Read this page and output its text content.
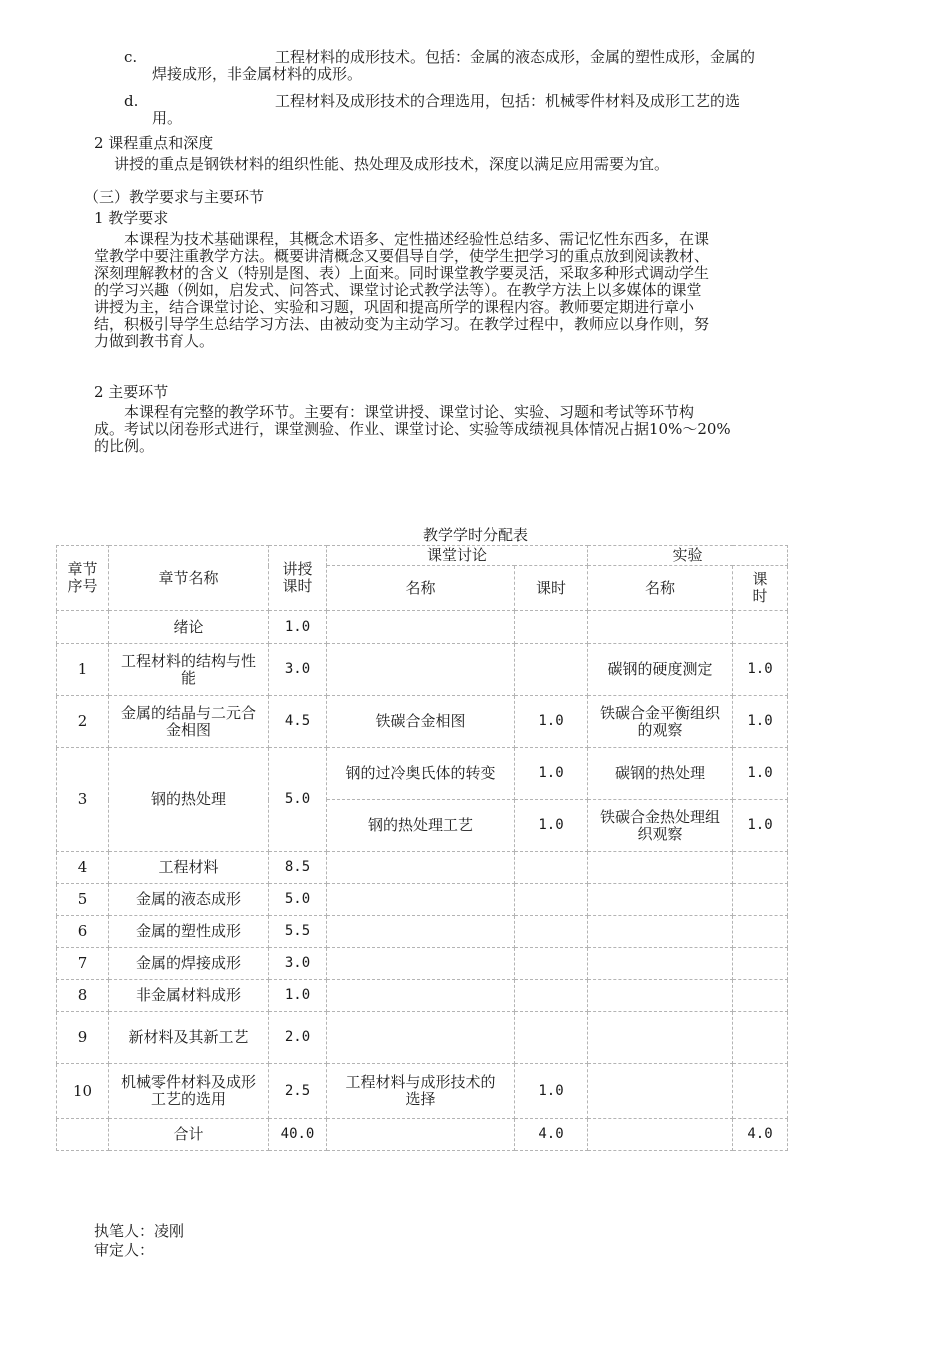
c.	工程材料的成形技术。包括：金属的液态成形，金属的塑性成形，金属的
焊接成形，非金属材料的成形。
d.	工程材料及成形技术的合理选用，包括：机械零件材料及成形工艺的选
用。
2 课程重点和深度
讲授的重点是钢铁材料的组织性能、热处理及成形技术，深度以满足应用需要为宜。
（三）教学要求与主要环节
1 教学要求
本课程为技术基础课程，其概念术语多、定性描述经验性总结多、需记忆性东西多，在课
堂教学中要注重教学方法。概要讲清概念又要倡导自学，使学生把学习的重点放到阅读教材、
深刻理解教材的含义（特别是图、表）上面来。同时课堂教学要灵活，采取多种形式调动学生
的学习兴趣（例如，启发式、问答式、课堂讨论式教学法等）。在教学方法上以多媒体的课堂
讲授为主，结合课堂讨论、实验和习题，巩固和提高所学的课程内容。教师要定期进行章小
结，积极引导学生总结学习方法、由被动变为主动学习。在教学过程中，教师应以身作则，努
力做到教书育人。
2 主要环节
本课程有完整的教学环节。主要有：课堂讲授、课堂讨论、实验、习题和考试等环节构
成。考试以闭卷形式进行，课堂测验、作业、课堂讨论、实验等成绩视具体情况占据10%～20%
的比例。
教学学时分配表
章节序号	章节名称	讲授课时	课堂讨论		实验	
			名称	课时	名称	课时
	绪论	1.0				
1	工程材料的结构与性能	3.0			碳钢的硬度测定	1.0
2	金属的结晶与二元合金相图	4.5	铁碳合金相图	1.0	铁碳合金平衡组织的观察	1.0
3	钢的热处理	5.0	钢的过冷奥氏体的转变	1.0	碳钢的热处理	1.0
			钢的热处理工艺	1.0	铁碳合金热处理组织观察	1.0
4	工程材料	8.5				
5	金属的液态成形	5.0				
6	金属的塑性成形	5.5				
7	金属的焊接成形	3.0				
8	非金属材料成形	1.0				
9	新材料及其新工艺	2.0				
10	机械零件材料及成形工艺的选用	2.5	工程材料与成形技术的选择	1.0		
	合计	40.0		4.0		4.0
执笔人：凌刚
审定人：
